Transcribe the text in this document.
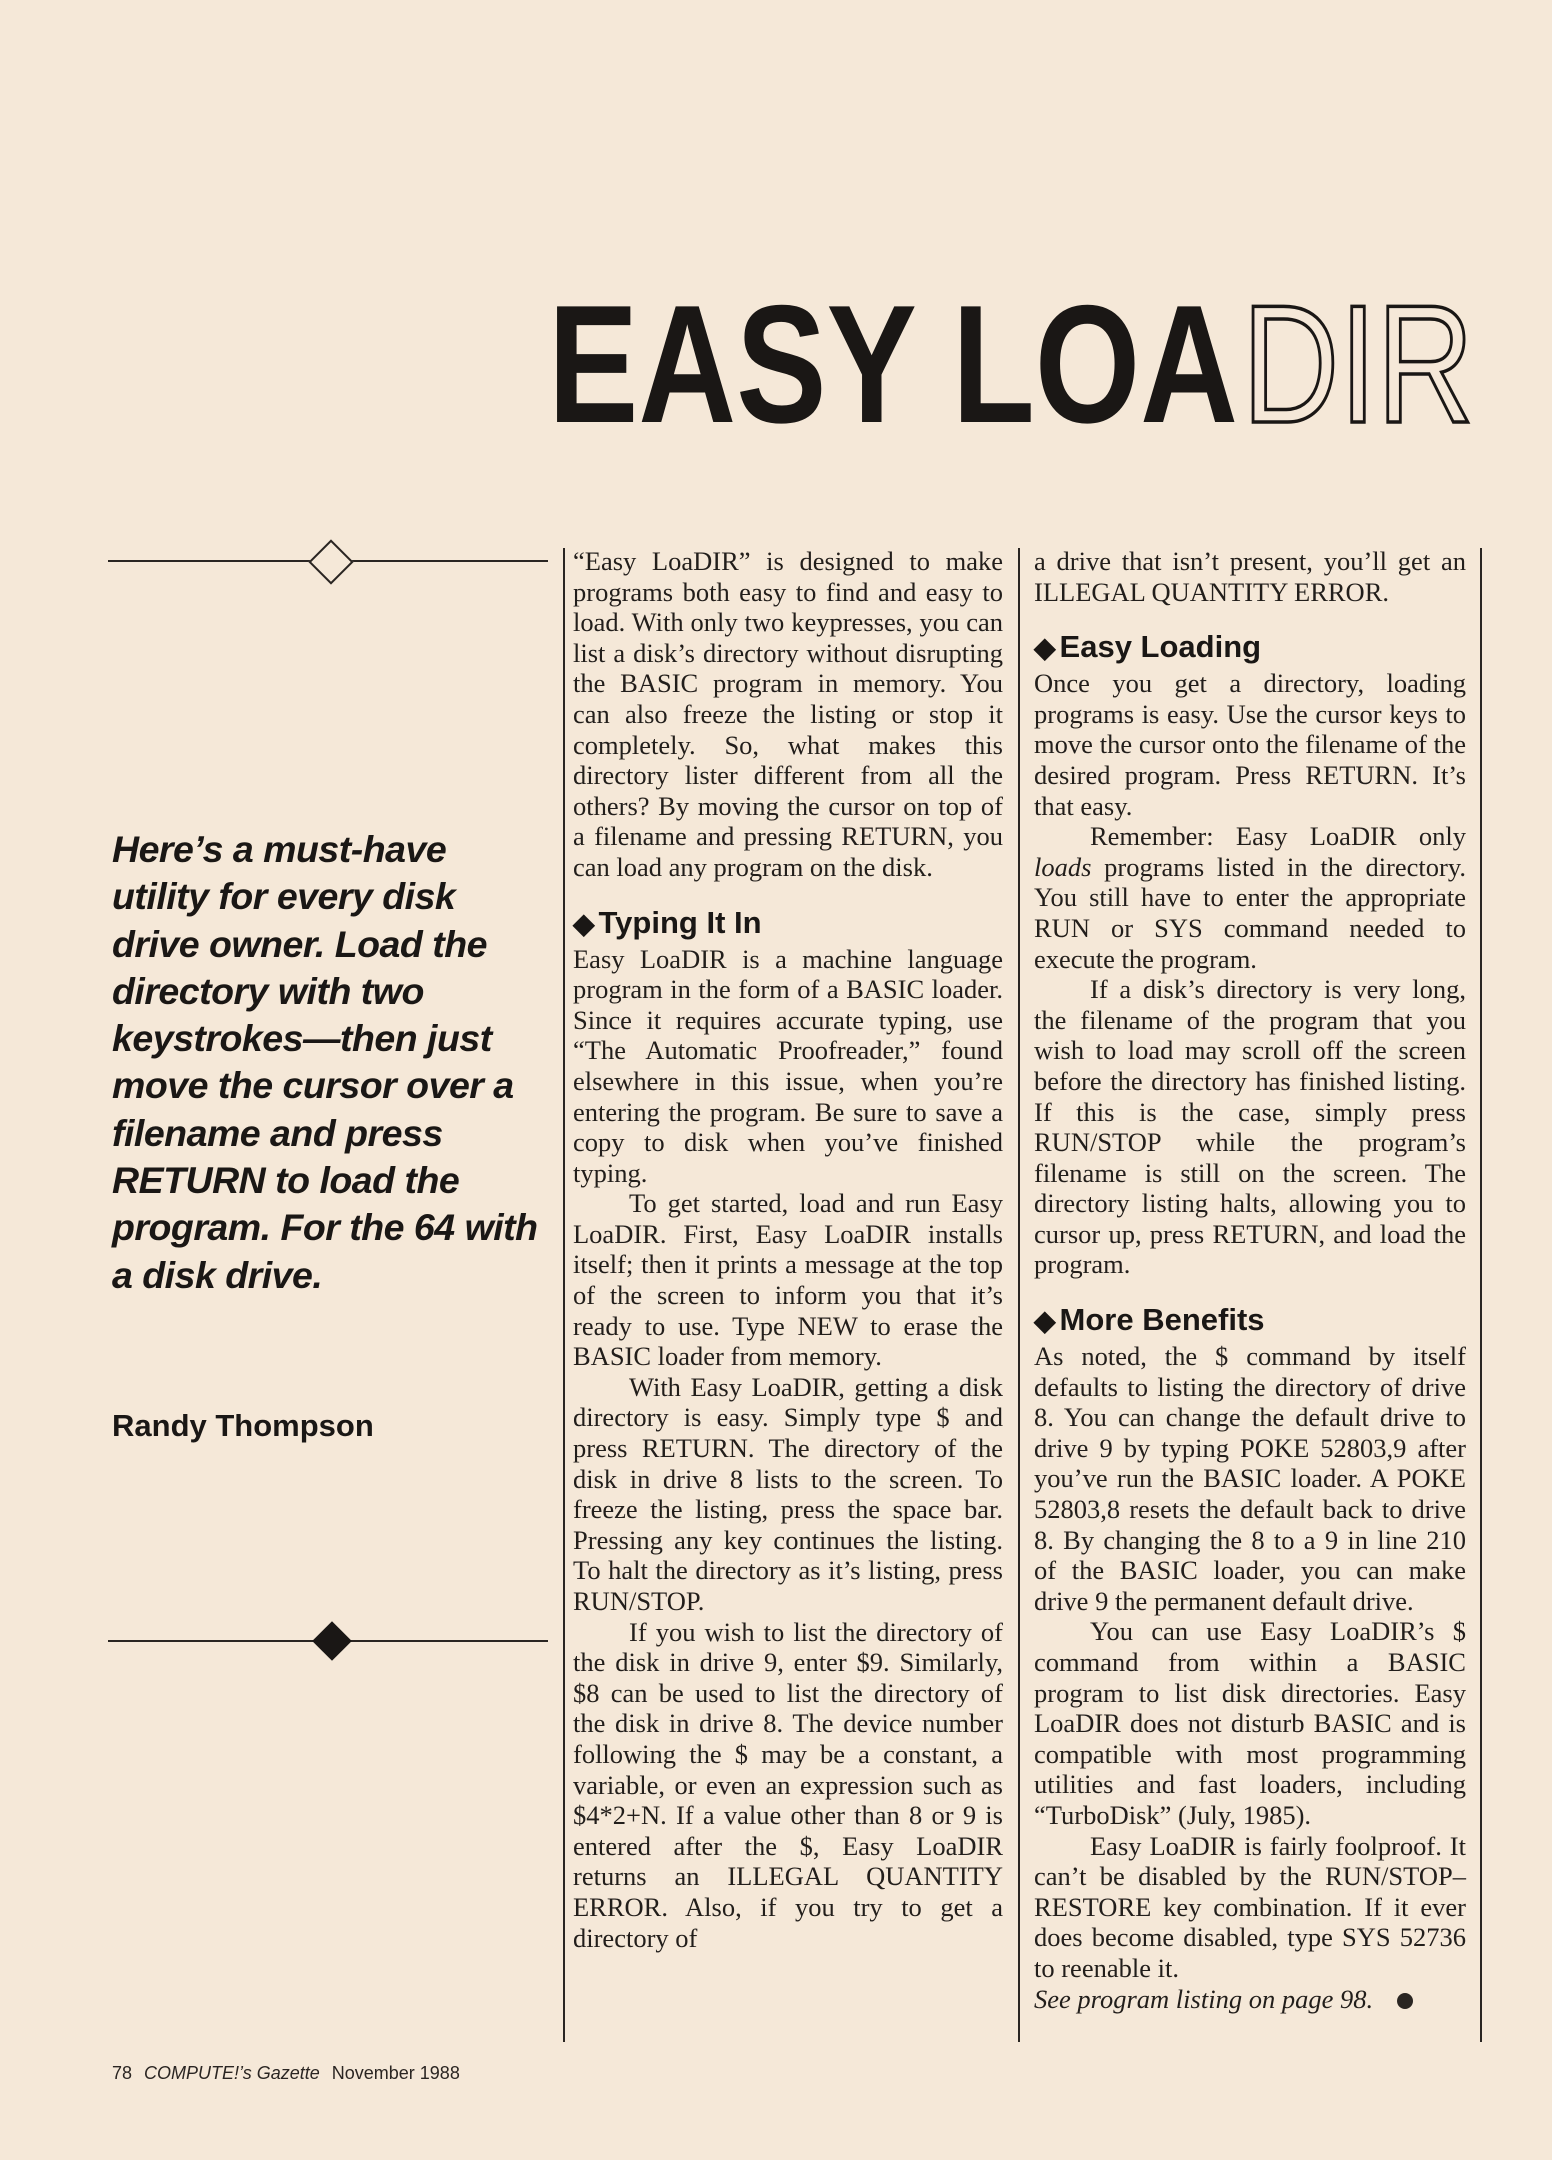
EASY LOA DIR
Here’s a must-have utility for every disk drive owner. Load the directory with two keystrokes—then just move the cursor over a filename and press RETURN to load the program. For the 64 with a disk drive.
Randy Thompson

“Easy LoaDIR” is designed to make programs both easy to find and easy to load. With only two keypresses, you can list a disk’s directory without disrupting the BASIC program in memory. You can also freeze the listing or stop it completely. So, what makes this directory lister different from all the others? By moving the cursor on top of a filename and pressing RETURN, you can load any program on the disk.

◆ Typing It In

Easy LoaDIR is a machine language program in the form of a BASIC loader. Since it requires accurate typing, use “The Automatic Proofreader,” found elsewhere in this issue, when you’re entering the program. Be sure to save a copy to disk when you’ve finished typing.

To get started, load and run Easy LoaDIR. First, Easy LoaDIR installs itself; then it prints a message at the top of the screen to inform you that it’s ready to use. Type NEW to erase the BASIC loader from memory.

With Easy LoaDIR, getting a disk directory is easy. Simply type $ and press RETURN. The directory of the disk in drive 8 lists to the screen. To freeze the listing, press the space bar. Pressing any key continues the listing. To halt the directory as it’s listing, press RUN/STOP.

If you wish to list the directory of the disk in drive 9, enter $9. Similarly, $8 can be used to list the directory of the disk in drive 8. The device number following the $ may be a constant, a variable, or even an expression such as $4*2+N. If a value other than 8 or 9 is entered after the $, Easy LoaDIR returns an ILLEGAL QUANTITY ERROR. Also, if you try to get a directory of

a drive that isn’t present, you’ll get an ILLEGAL QUANTITY ERROR.

◆ Easy Loading

Once you get a directory, loading programs is easy. Use the cursor keys to move the cursor onto the filename of the desired program. Press RETURN. It’s that easy.

Remember: Easy LoaDIR only loads programs listed in the directory. You still have to enter the appropriate RUN or SYS command needed to execute the program.

If a disk’s directory is very long, the filename of the program that you wish to load may scroll off the screen before the directory has finished listing. If this is the case, simply press RUN/STOP while the program’s filename is still on the screen. The directory listing halts, allowing you to cursor up, press RETURN, and load the program.

◆ More Benefits

As noted, the $ command by itself defaults to listing the directory of drive 8. You can change the default drive to drive 9 by typing POKE 52803,9 after you’ve run the BASIC loader. A POKE 52803,8 resets the default back to drive 8. By changing the 8 to a 9 in line 210 of the BASIC loader, you can make drive 9 the permanent default drive.

You can use Easy LoaDIR’s $ command from within a BASIC program to list disk directories. Easy LoaDIR does not disturb BASIC and is compatible with most programming utilities and fast loaders, including “TurboDisk” (July, 1985).

Easy LoaDIR is fairly foolproof. It can’t be disabled by the RUN/STOP–RESTORE key combination. If it ever does become disabled, type SYS 52736 to reenable it.

See program listing on page 98.

78 COMPUTE!’s Gazette November 1988
